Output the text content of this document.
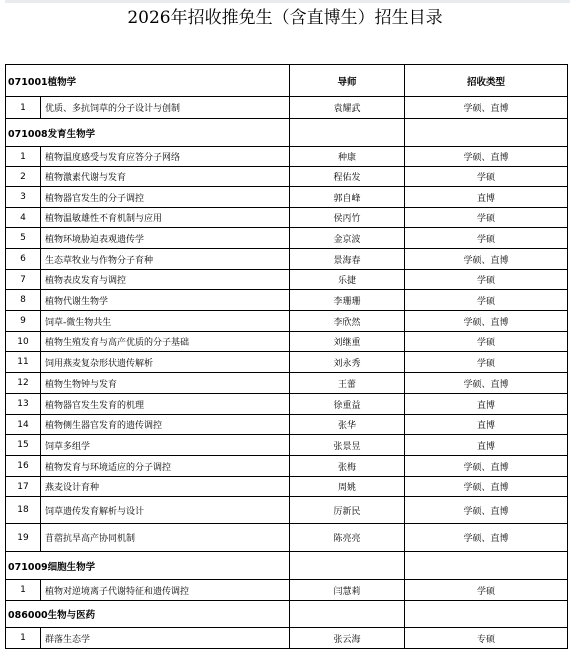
2026年招收推免生（含直博生）招生目录
071001植物学		导师	招收类型
1	优质、多抗饲草的分子设计与创制	袁耀武	学硕、直博
071008发育生物学			
1	植物温度感受与发育应答分子网络	种康	学硕、直博
2	植物激素代谢与发育	程佑发	学硕
3	植物器官发生的分子调控	郭自峰	直博
4	植物温敏雄性不育机制与应用	侯丙竹	学硕
5	植物环境胁迫表观遗传学	金京波	学硕
6	生态草牧业与作物分子育种	景海春	学硕、直博
7	植物表皮发育与调控	乐捷	学硕
8	植物代谢生物学	李珊珊	学硕
9	饲草-微生物共生	李欣然	学硕、直博
10	植物生殖发育与高产优质的分子基础	刘继重	学硕
11	饲用燕麦复杂形状遗传解析	刘永秀	学硕
12	植物生物钟与发育	王蕾	学硕、直博
13	植物器官发生发育的机理	徐重益	直博
14	植物侧生器官发育的遗传调控	张华	直博
15	饲草多组学	张景昱	直博
16	植物发育与环境适应的分子调控	张梅	学硕、直博
17	燕麦设计育种	周姚	学硕、直博
18	饲草遗传发育解析与设计	厉新民	学硕、直博
19	苜蓿抗旱高产协同机制	陈亮亮	学硕、直博
071009细胞生物学			
1	植物对逆境离子代谢特征和遗传调控	闫慧莉	学硕
086000生物与医药			
1	群落生态学	张云海	专硕
